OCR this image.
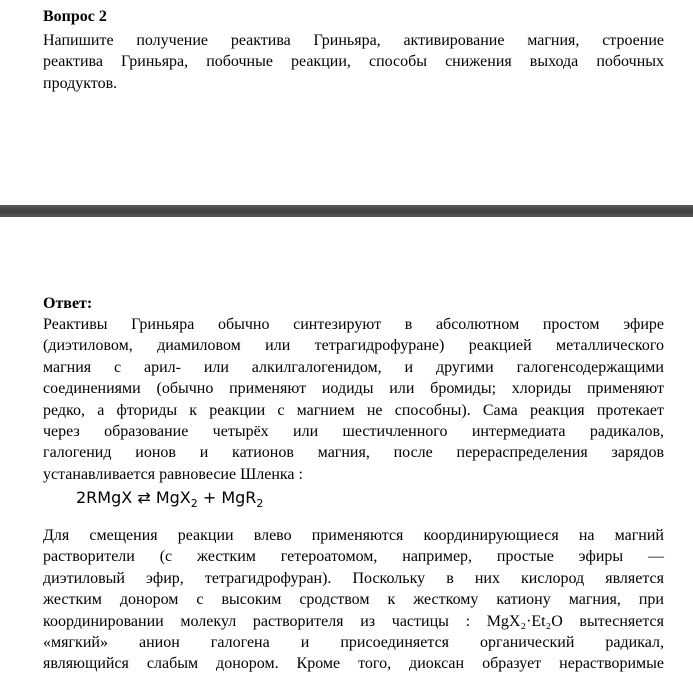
Вопрос 2
Напишите получение реактива Гриньяра, активирование магния, строение
реактива Гриньяра, побочные реакции, способы снижения выхода побочных
продуктов.
Ответ:
Реактивы Гриньяра обычно синтезируют в абсолютном простом эфире
(диэтиловом, диамиловом или тетрагидрофуране) реакцией металлического
магния с арил- или алкилгалогенидом, и другими галогенсодержащими
соединениями (обычно применяют иодиды или бромиды; хлориды применяют
редко, а фториды к реакции с магнием не способны). Сама реакция протекает
через образование четырёх или шестичленного интермедиата радикалов,
галогенид ионов и катионов магния, после перераспределения зарядов
устанавливается равновесие Шленка :
2RMgX ⇄ MgX$_2$ + MgR$_2$
Для смещения реакции влево применяются координирующиеся на магний
растворители (с жестким гетероатомом, например, простые эфиры —
диэтиловый эфир, тетрагидрофуран). Поскольку в них кислород является
жестким донором с высоким сродством к жесткому катиону магния, при
координировании молекул растворителя из частицы : MgX₂·Et₂O вытесняется
«мягкий» анион галогена и присоединяется органический радикал,
являющийся слабым донором. Кроме того, диоксан образует нерастворимые
